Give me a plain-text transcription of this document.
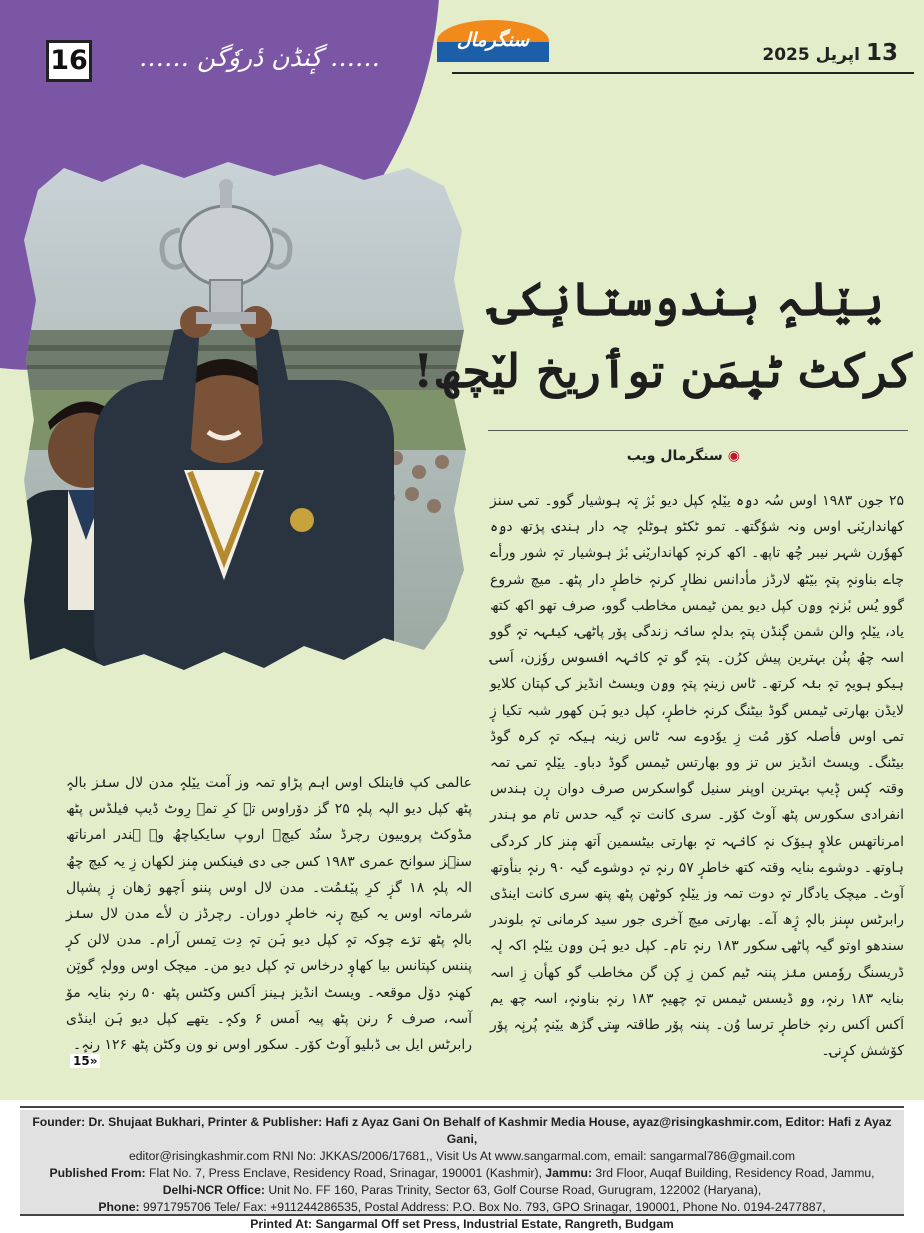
16 …… گٕنڈن دٔروٗگن ……
سنگرمال	13اپریل 2025
ییٚلہٕ ہندوستانٕکۍ
کرکٹ ٹیٖمَن توٲریخ لیٚچھ!
◉سنگرمال ویب

۲۵ جون ۱۹۸۳ اوس سُہ دۄہ ییٚلہٕ کپل دیو بٔژ تٕہ ہوشیار گوو۔ تمۍ سنز کھانداریٚنۍ اوس ونہ شوٗگتھ۔ تمو ٹکٹو ہوٹلہٕ چہ دار ہندۍ پرٛتھ دۄہ کھوٗرن شہر نیبر چُھ تاپھ۔ اکھ کرنہٕ کھانداریٚنۍ بٔژ ہوشیار تہٕ شور ورأے چاے بناونہٕ پتہٕ بیٚٹھ لارڈز مأدانس نظارٕ کرنہٕ خاطرٕ دار پٹھ۔ میچ شروع گوو یُس بٔزنہٕ وۄن کپل دیو یمن ٹیمس مخاطب گوو، صرف تھو اکھ کتھ یاد، ییٚلہٕ والن شمن گٕنڈن پتہٕ بدلہٕ سانٛہ زندگی پوٚر پاٹھۍ، کینٛہہ تہٕ گوو اسہ چھُ پنُن بہترین پیش کرُن۔ پتہٕ گو تہٕ کانٛہہ افسوس روٗزن، اَسۍ ہیکو ہویہٕ تہٕ بنٛہ کرتھ۔ ٹاس زینہٕ پتہٕ وۄن ویسٹ انڈیز کۍ کپتان کلایو لایڈن بھارتی ٹیمس گوڈ بیٹنگ کرنہٕ خاطرٕ، کپل دیو ہَن کھور شبہ تکیا زٕ تمۍ اوس فأصلہ کوٚر مُت زِ یوٗدوے سہ ٹاس زینہ ہیکہ تہٕ کرہ گوڈ بیٹنگ۔ ویسٹ انڈیز س تز وو بھارتس ٹیمس گوڈ دباو۔ ییٚلہٕ تمۍ تمہ وقتہ کٕس ڈٕیپ بہترین اوپنر سنیل گواسکرس صرف دوان رٕن ہندس انفرادی سکورس پٹھ آوٹ کوٚر۔ سری کانت تہٕ گیہ حدس تام مو ہندر امرناتھس علاوٕ ہیوٚک نہٕ کانٛہہ تہٕ بھارتی بیٹسمین اَتھ مٕنز کار کردگی ہاوتھ۔ دوشوے بنایہ وقتہ کتھ خاطرٕ ۵۷ رنہٕ تہٕ دوشوے گیہ ۹۰ رنہٕ بنأوتھ آوٹ۔ میچک یادگار تہٕ دوت تمہ وز ییٚلہٕ کوٹھن پٹھ پتھ سری کانت اینڈی رابرٹس سٕنز بالہٕ ژٕھ آے۔ بھارتی میچ آخری جور سید کرمانی تہٕ بلوندر سندھو اوتو گیہ پاٹھۍ سکور ۱۸۳ رنہٕ تام۔ کپل دیو ہَن وۄن ییٚلہٕ اکہ لٕہ ڈریسنگ روٗمس منٛز پننہ ٹیم کمن زِ کٕن گن مخاطب گو کھأن زِ اسہ بنایہ ۱۸۳ رنہٕ، وۄ ڈیسس ٹیمس تہٕ چھیہٕ ۱۸۳ رنہٕ بناونہٕ، اسہ چھ یم اَکس اَکس رنہٕ خاطرٕ ترسا وُن۔ پننہ پوٚر طاقتہ سٟتۍ گژھ ییٚنہٕ پُرنٕہ پوٚر کوٚشش کرٕنۍ۔

عالمی کپ فاینلک اوس اہم پڑاو تمہ وز آمت ییٚلہٕ مدن لال سنٛز بالہٕ پٹھ کپل دیو الپہ پلہٕ ۲۵ گز دوٚراوس تہٕ کرِ تمۍ رِوٹ ڈیپ فیلڈس پٹھ مڈوکٹ پروییون رچرڈ سنُد کیچ۔ اروپ سایکیاچھُ وہ ہندر امرناتھ سنٛز سوانح عمری ۱۹۸۳ کس جی دی فینکس مٕنز لکھان زِ یہ کیچ چھُ الہ پلہٕ ۱۸ گزٕ کرِ پیٚنٛمُت۔ مدن لال اوس پننو اَچھو ژھان زٕ پشپال شرماتہ اوس یہ کیچ رٕنہ خاطرٕ دوران۔ رچرڈز ن لأے مدن لال سنٛز بالہٕ پٹھ ترٛے چوکہ تہٕ کپل دیو ہَن تہٕ دِت تِمس آرام۔ مدن لالن کرٕ پننس کپتانس بیا کھاوٕ درخاس تہٕ کپل دیو من۔ میچک اوس وولہٕ گوتٕن کھنہٕ دوٚل موقعہ۔ ویسٹ انڈیز ہینز اَکس وکٹس پٹھ ۵۰ رنہٕ بنایہ موٚ آسہ، صرف ۶ رنن پٹھ پیہ اَمس ۶ وکہٕ۔ یتھے کپل دیو ہَن اینڈی رابرٹس ایل بی ڈبلیو آوٹ کوٚر۔ سکور اوس نو ون وکٹن پٹھ ۱۲۶ رنہٕ۔

15»
Founder: Dr. Shujaat Bukhari, Printer & Publisher: Hafi z Ayaz Gani On Behalf of Kashmir Media House, ayaz@risingkashmir.com, Editor: Hafi z Ayaz Gani,
editor@risingkashmir.com RNI No: JKKAS/2006/17681,, Visit Us At www.sangarmal.com, email: sangarmal786@gmail.com
Published From: Flat No. 7, Press Enclave, Residency Road, Srinagar, 190001 (Kashmir), Jammu: 3rd Floor, Auqaf Building, Residency Road, Jammu,
Delhi-NCR Office: Unit No. FF 160, Paras Trinity, Sector 63, Golf Course Road, Gurugram, 122002 (Haryana),
Phone: 9971795706 Tele/ Fax: +911244286535, Postal Address: P.O. Box No. 793, GPO Srinagar, 190001, Phone No. 0194-2477887,
Printed At: Sangarmal Off set Press, Industrial Estate, Rangreth, Budgam
